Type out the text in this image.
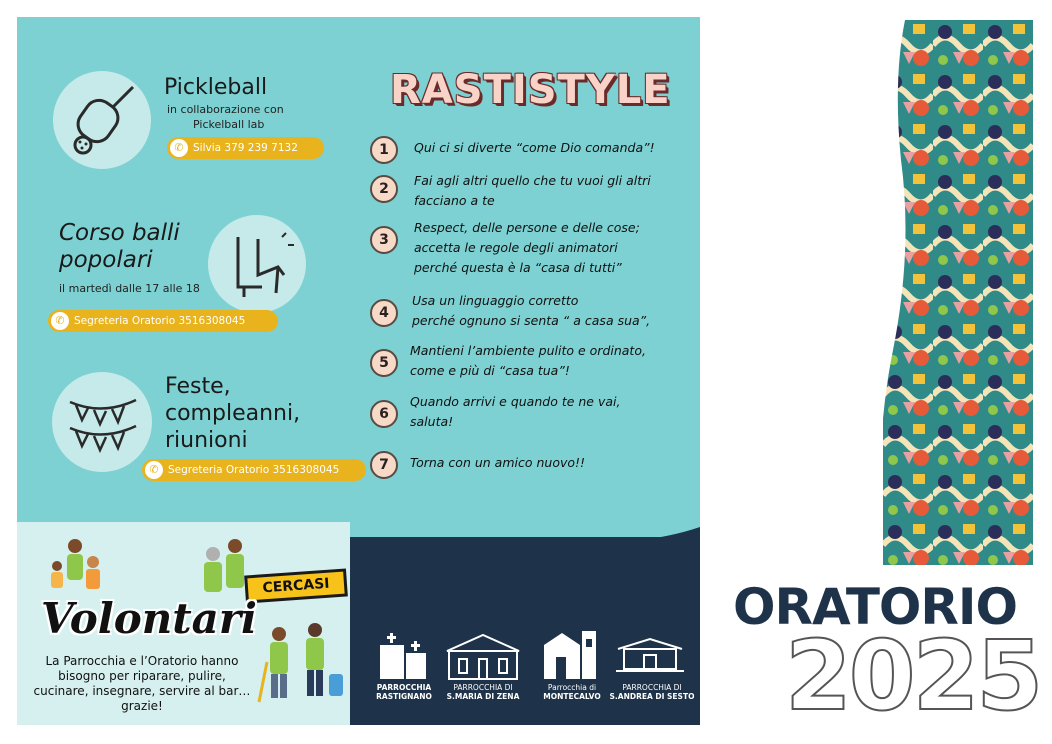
Pickleball
in collaborazione con
Pickelball lab
✆ Silvia 379 239 7132
Corso balli
popolari
il martedì dalle 17 alle 18
✆ Segreteria Oratorio 3516308045
Feste,
compleanni,
riunioni
✆ Segreteria Oratorio 3516308045
RASTISTYLE
1	Qui ci si diverte “come Dio comanda”!
2
Fai agli altri quello che tu vuoi gli altri
facciano a te
3
Respect, delle persone e delle cose;
accetta le regole degli animatori
perché questa è la “casa di tutti”
4
Usa un linguaggio corretto
perché ognuno si senta “ a casa sua”,
5
Mantieni l’ambiente pulito e ordinato,
come e più di “casa tua”!
6
Quando arrivi e quando te ne vai,
saluta!
7	Torna con un amico nuovo!!
CERCASI
Volontari
La Parrocchia e l’Oratorio hanno
bisogno per riparare, pulire,
cucinare, insegnare, servire al bar…
grazie!
PARROCCHIA
RASTIGNANO
PARROCCHIA DI
S.MARIA DI ZENA
Parrocchia di
MONTECALVO
PARROCCHIA DI
S.ANDREA DI SESTO
ORATORIO
2025
